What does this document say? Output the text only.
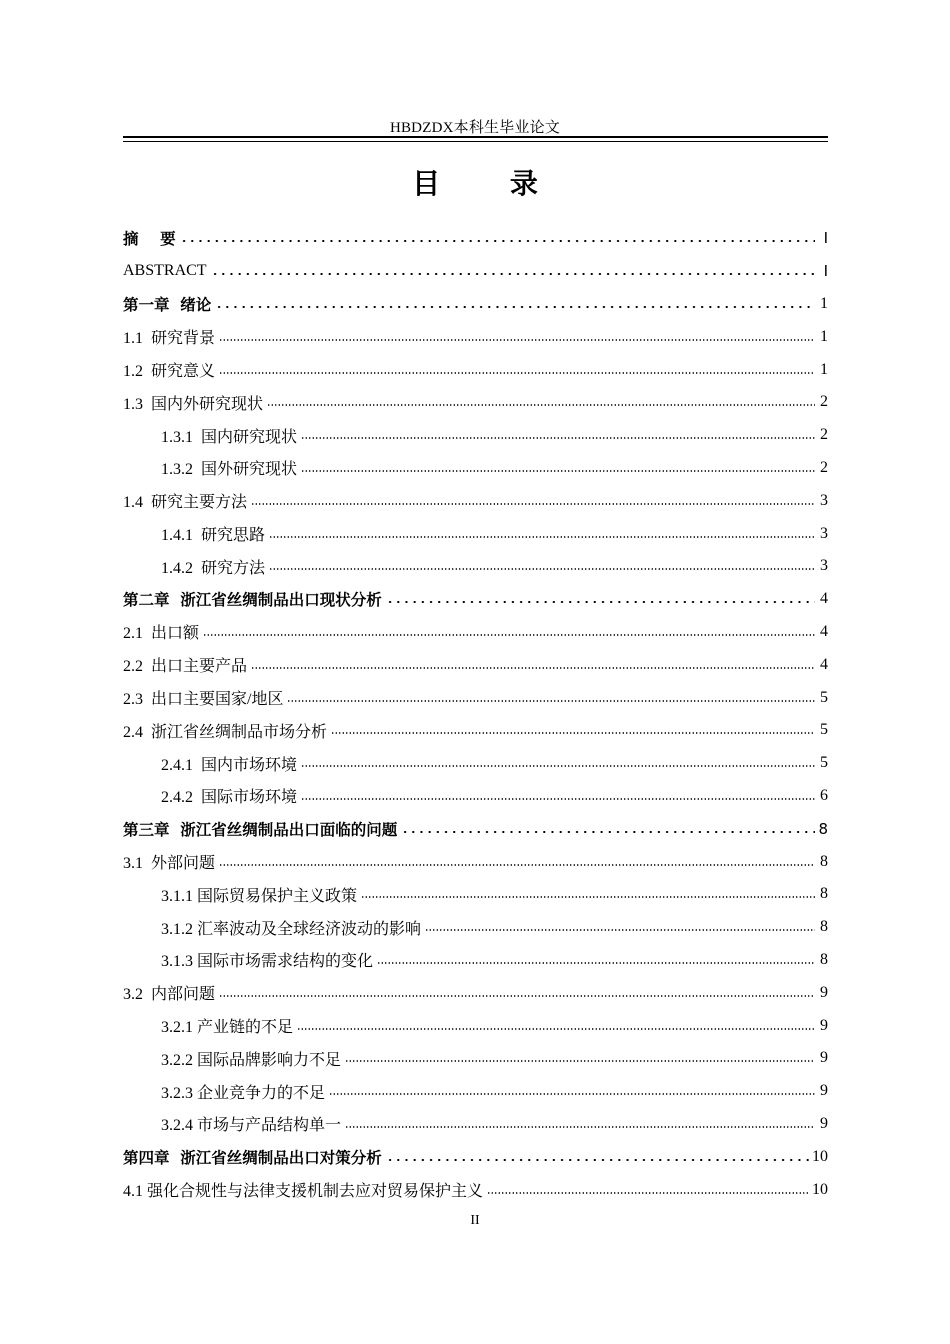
HBDZDX本科生毕业论文
目 录
摘    要	I
ABSTRACT	I
第一章  绪论	1
1.1  研究背景	1
1.2  研究意义	1
1.3  国内外研究现状	2
1.3.1  国内研究现状	2
1.3.2  国外研究现状	2
1.4  研究主要方法	3
1.4.1  研究思路	3
1.4.2  研究方法	3
第二章  浙江省丝绸制品出口现状分析	4
2.1  出口额	4
2.2  出口主要产品	4
2.3  出口主要国家/地区	5
2.4  浙江省丝绸制品市场分析	5
2.4.1  国内市场环境	5
2.4.2  国际市场环境	6
第三章  浙江省丝绸制品出口面临的问题	8
3.1  外部问题	8
3.1.1 国际贸易保护主义政策	8
3.1.2 汇率波动及全球经济波动的影响	8
3.1.3 国际市场需求结构的变化	8
3.2  内部问题	9
3.2.1 产业链的不足	9
3.2.2 国际品牌影响力不足	9
3.2.3 企业竞争力的不足	9
3.2.4 市场与产品结构单一	9
第四章  浙江省丝绸制品出口对策分析	10
4.1 强化合规性与法律支援机制去应对贸易保护主义	10
II
